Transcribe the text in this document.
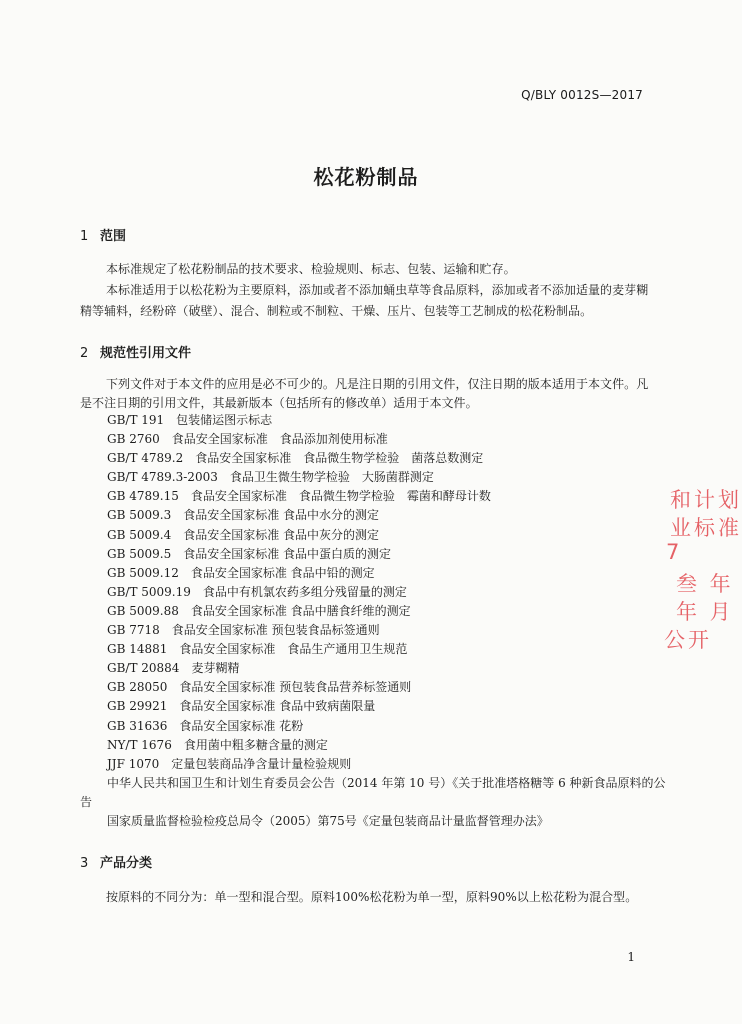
Q/BLY 0012S—2017
松花粉制品
1 范围
本标准规定了松花粉制品的技术要求、检验规则、标志、包装、运输和贮存。
本标准适用于以松花粉为主要原料，添加或者不添加蛹虫草等食品原料，添加或者不添加适量的麦芽糊精等辅料，经粉碎（破壁）、混合、制粒或不制粒、干燥、压片、包装等工艺制成的松花粉制品。
2 规范性引用文件
下列文件对于本文件的应用是必不可少的。凡是注日期的引用文件，仅注日期的版本适用于本文件。凡是不注日期的引用文件，其最新版本（包括所有的修改单）适用于本文件。
GB/T 191　包装储运图示标志
GB 2760　食品安全国家标准　食品添加剂使用标准
GB/T 4789.2　食品安全国家标准　食品微生物学检验　菌落总数测定
GB/T 4789.3-2003　食品卫生微生物学检验　大肠菌群测定
GB 4789.15　食品安全国家标准　食品微生物学检验　霉菌和酵母计数
GB 5009.3　食品安全国家标准 食品中水分的测定
GB 5009.4　食品安全国家标准 食品中灰分的测定
GB 5009.5　食品安全国家标准 食品中蛋白质的测定
GB 5009.12　食品安全国家标准 食品中铅的测定
GB/T 5009.19　食品中有机氯农药多组分残留量的测定
GB 5009.88　食品安全国家标准 食品中膳食纤维的测定
GB 7718　食品安全国家标准 预包装食品标签通则
GB 14881　食品安全国家标准　食品生产通用卫生规范
GB/T 20884　麦芽糊精
GB 28050　食品安全国家标准 预包装食品营养标签通则
GB 29921　食品安全国家标准 食品中致病菌限量
GB 31636　食品安全国家标准 花粉
NY/T 1676　食用菌中粗多糖含量的测定
JJF 1070　定量包装商品净含量计量检验规则
中华人民共和国卫生和计划生育委员会公告（2014 年第 10 号）《关于批准塔格糖等 6 种新食品原料的公告
国家质量监督检验检疫总局令（2005）第75号《定量包装商品计量监督管理办法》
3 产品分类
按原料的不同分为：单一型和混合型。原料100%松花粉为单一型，原料90%以上松花粉为混合型。
和计划
业标准
7
叁 年
年 月
公开
1
